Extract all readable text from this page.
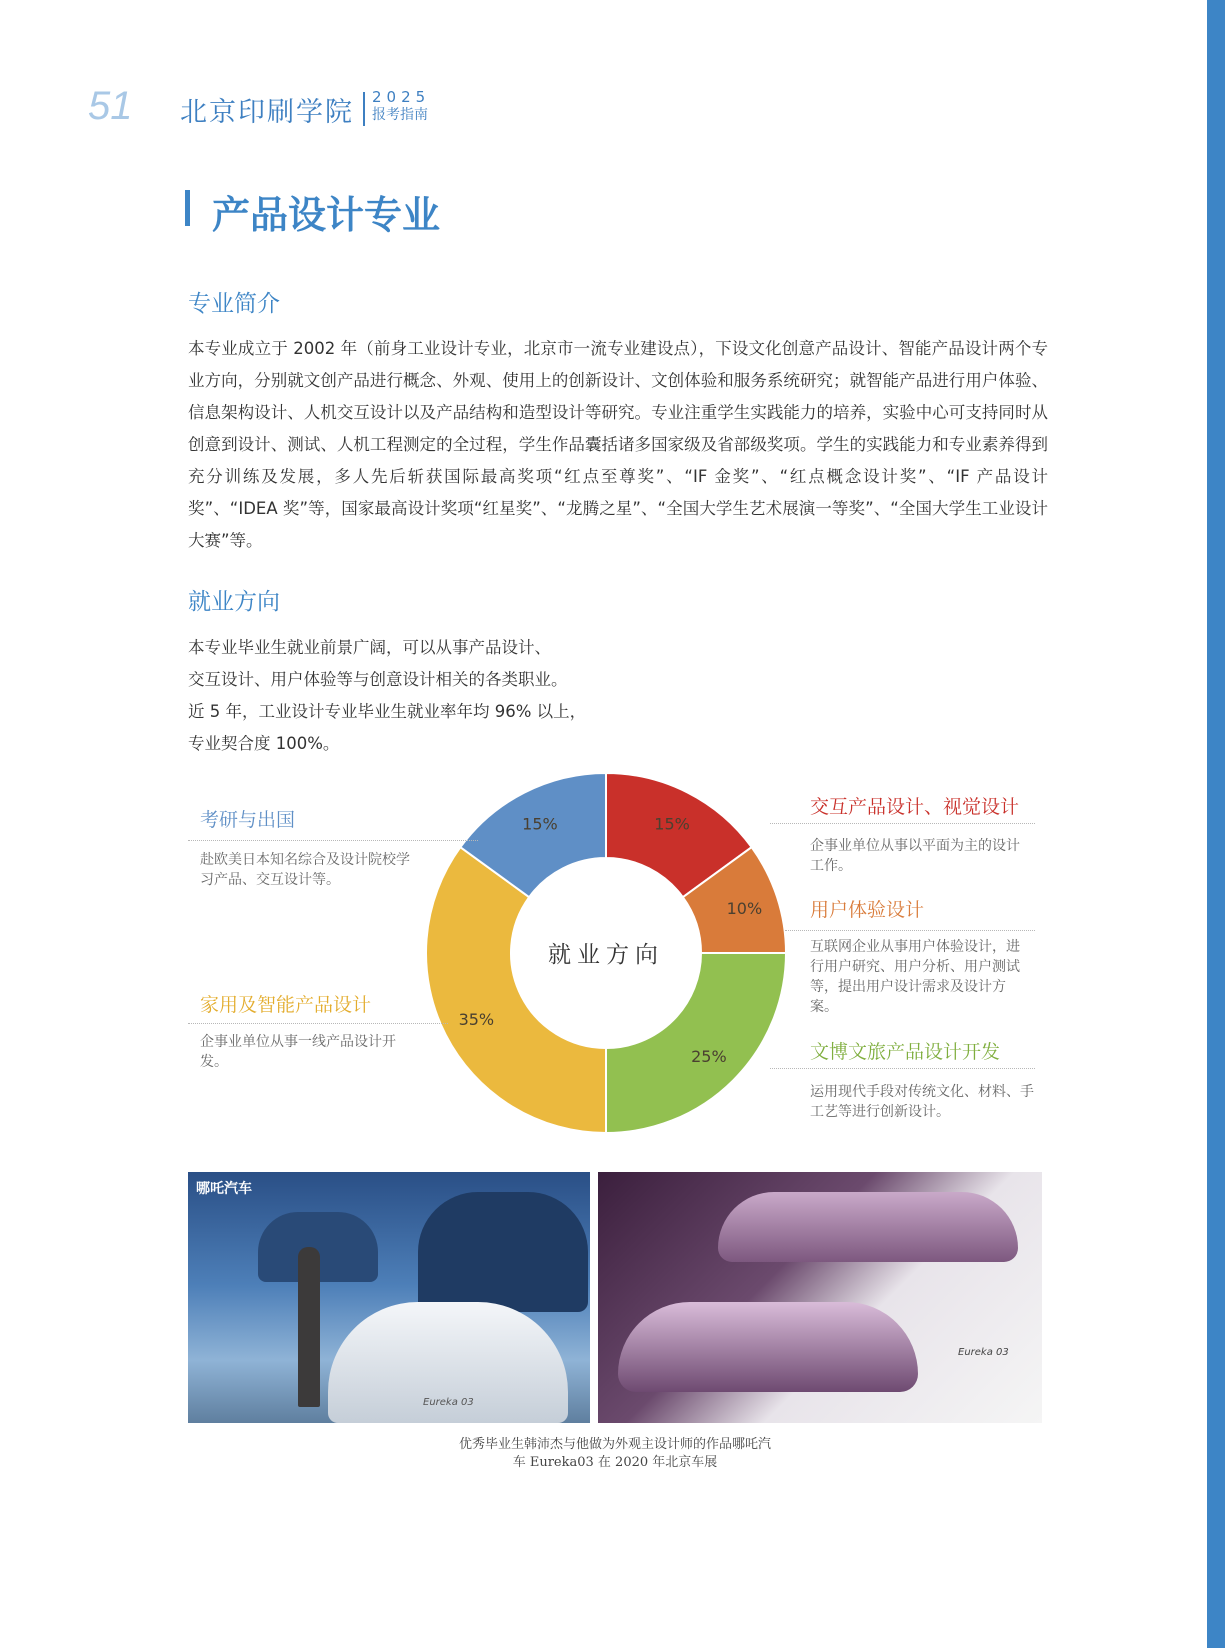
51 北京印刷学院 2025
报考指南
产品设计专业
专业简介
本专业成立于 2002 年（前身工业设计专业，北京市一流专业建设点），下设文化创意产品设计、智能产品设计两个专业方向，分别就文创产品进行概念、外观、使用上的创新设计、文创体验和服务系统研究；就智能产品进行用户体验、信息架构设计、人机交互设计以及产品结构和造型设计等研究。专业注重学生实践能力的培养，实验中心可支持同时从创意到设计、测试、人机工程测定的全过程，学生作品囊括诸多国家级及省部级奖项。学生的实践能力和专业素养得到充分训练及发展，多人先后斩获国际最高奖项“红点至尊奖”、“IF 金奖”、“红点概念设计奖”、“IF 产品设计奖”、“IDEA 奖”等，国家最高设计奖项“红星奖”、“龙腾之星”、“全国大学生艺术展演一等奖”、“全国大学生工业设计大赛”等。
就业方向
本专业毕业生就业前景广阔，可以从事产品设计、
交互设计、用户体验等与创意设计相关的各类职业。
近 5 年，工业设计专业毕业生就业率年均 96% 以上，
专业契合度 100%。
15%
10%
25%
35%
15%
就业方向
考研与出国
赴欧美日本知名综合及设计院校学习产品、交互设计等。
家用及智能产品设计
企事业单位从事一线产品设计开发。
交互产品设计、视觉设计
企事业单位从事以平面为主的设计工作。
用户体验设计
互联网企业从事用户体验设计，进行用户研究、用户分析、用户测试等，提出用户设计需求及设计方案。
文博文旅产品设计开发
运用现代手段对传统文化、材料、手工艺等进行创新设计。
哪吒汽车
Eureka 03
Eureka 03
优秀毕业生韩沛杰与他做为外观主设计师的作品哪吒汽
车 Eureka03 在 2020 年北京车展
